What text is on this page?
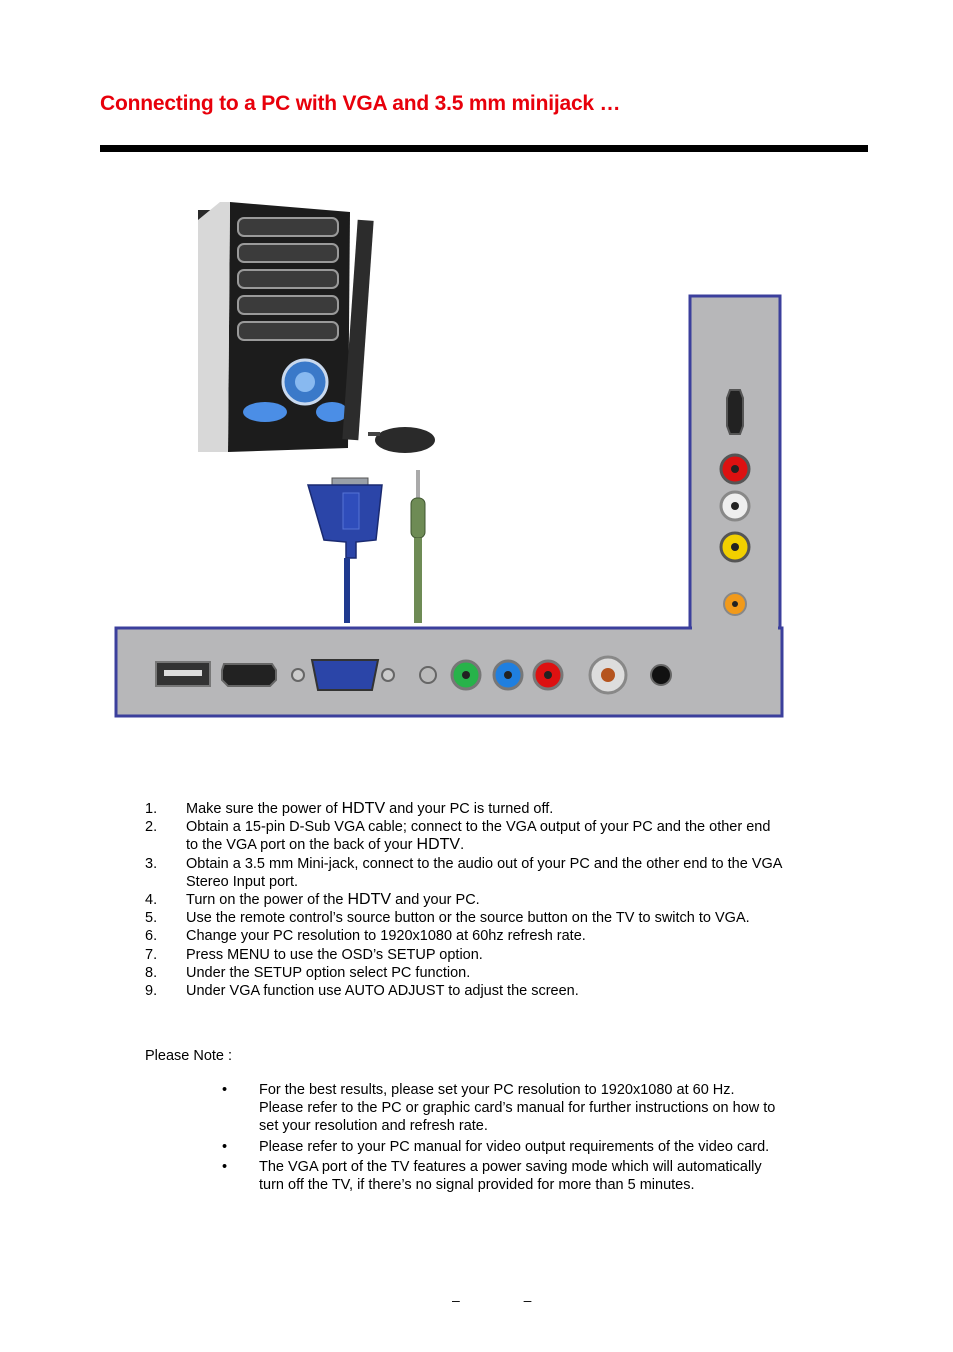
Connecting to a PC with VGA and 3.5 mm minijack …
1.	Make sure the power of HDTV and your PC is turned off.
2.	Obtain a 15-pin D-Sub VGA cable; connect to the VGA output of your PC and the other end to the VGA port on the back of your HDTV.
3.	Obtain a 3.5 mm Mini-jack, connect to the audio out of your PC and the other end to the VGA Stereo Input port.
4.	Turn on the power of the HDTV and your PC.
5.	Use the remote control’s source button or the source button on the TV to switch to VGA.
6.	Change your PC resolution to 1920x1080 at 60hz refresh rate.
7.	Press MENU to use the OSD’s SETUP option.
8.	Under the SETUP option select PC function.
9.	Under VGA function use AUTO ADJUST to adjust the screen.
Please Note :
•	For the best results, please set your PC resolution to 1920x1080 at 60 Hz. Please refer to the PC or graphic card’s manual for further instructions on how to set your resolution and refresh rate.
•	Please refer to your PC manual for video output requirements of the video card.
•	The VGA port of the TV features a power saving mode which will automatically turn off the TV, if there’s no signal provided for more than 5 minutes.
– –
